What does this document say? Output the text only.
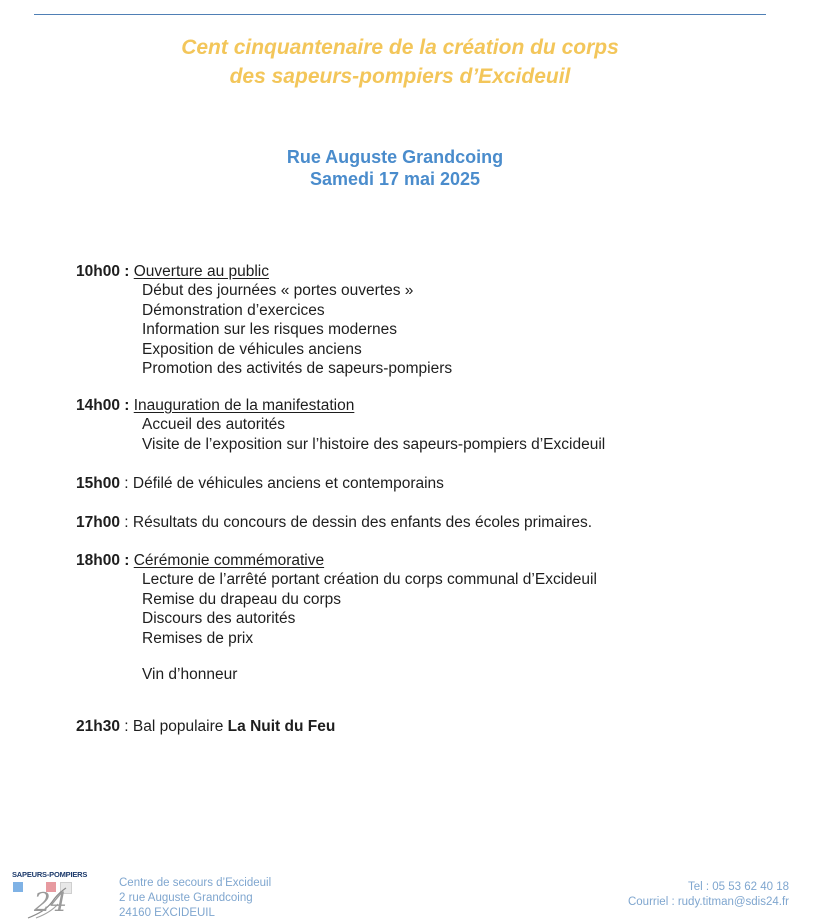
Cent cinquantenaire de la création du corps
des sapeurs-pompiers d’Excideuil
Rue Auguste Grandcoing
Samedi 17 mai 2025
10h00 : Ouverture au public
Début des journées « portes ouvertes »
Démonstration d’exercices
Information sur les risques modernes
Exposition de véhicules anciens
Promotion des activités de sapeurs-pompiers
14h00 : Inauguration de la manifestation
Accueil des autorités
Visite de l’exposition sur l’histoire des sapeurs-pompiers d’Excideuil
15h00 : Défilé de véhicules anciens et contemporains
17h00 : Résultats du concours de dessin des enfants des écoles primaires.
18h00 : Cérémonie commémorative
Lecture de l’arrêté portant création du corps communal d’Excideuil
Remise du drapeau du corps
Discours des autorités
Remises de prix
Vin d’honneur
21h30 : Bal populaire La Nuit du Feu
SAPEURS-POMPIERS
24
Centre de secours d’Excideuil
2 rue Auguste Grandcoing
24160 EXCIDEUIL
Tel : 05 53 62 40 18
Courriel : rudy.titman@sdis24.fr
